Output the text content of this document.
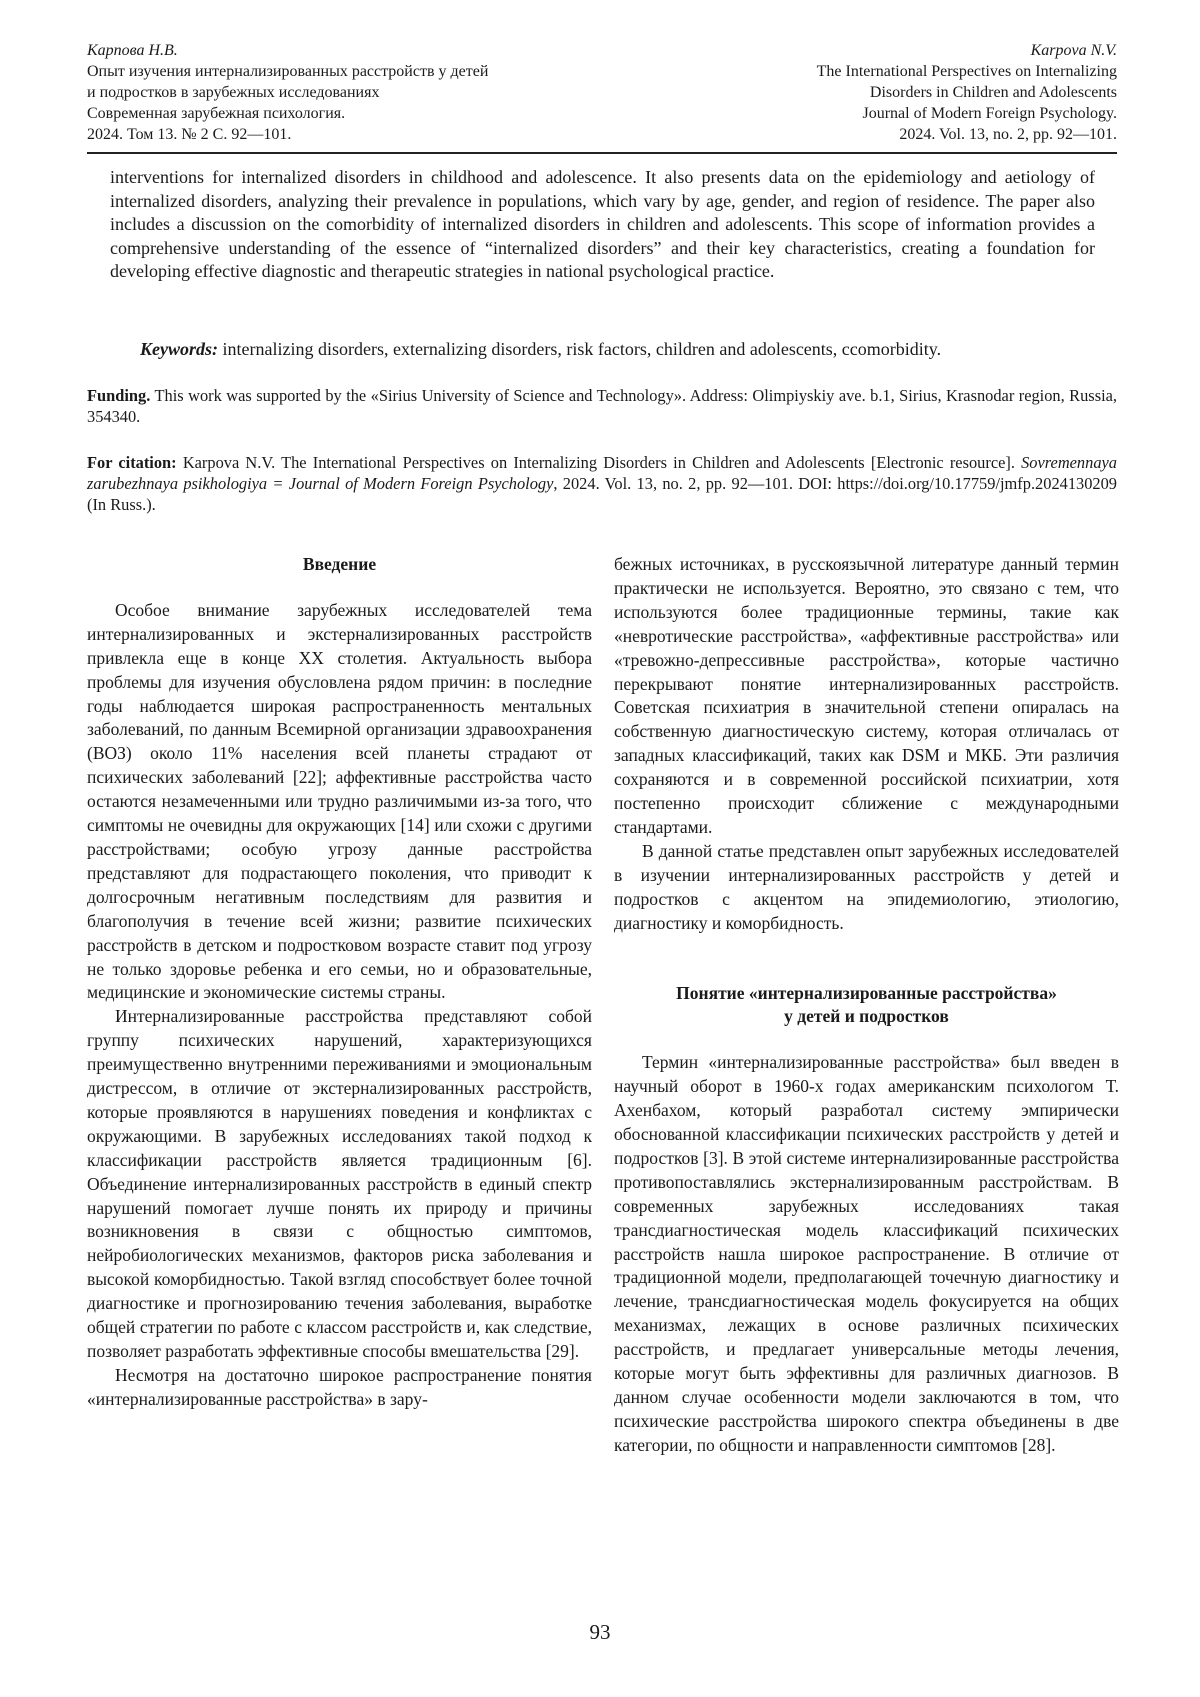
Карпова Н.В.
Опыт изучения интернализированных расстройств у детей
и подростков в зарубежных исследованиях
Современная зарубежная психология.
2024. Том 13. № 2 С. 92—101.
Karpova N.V.
The International Perspectives on Internalizing
Disorders in Children and Adolescents
Journal of Modern Foreign Psychology.
2024. Vol. 13, no. 2, pp. 92—101.
interventions for internalized disorders in childhood and adolescence. It also presents data on the epidemiology and aetiology of internalized disorders, analyzing their prevalence in populations, which vary by age, gender, and region of residence. The paper also includes a discussion on the comorbidity of internalized disorders in children and adolescents. This scope of information provides a comprehensive understanding of the essence of “internalized disorders” and their key characteristics, creating a foundation for developing effective diagnostic and therapeutic strategies in national psychological practice.
Keywords: internalizing disorders, externalizing disorders, risk factors, children and adolescents, ccomorbidity.
Funding. This work was supported by the «Sirius University of Science and Technology». Address: Olimpiyskiy ave. b.1, Sirius, Krasnodar region, Russia, 354340.
For citation: Karpova N.V. The International Perspectives on Internalizing Disorders in Children and Adolescents [Electronic resource]. Sovremennaya zarubezhnaya psikhologiya = Journal of Modern Foreign Psychology, 2024. Vol. 13, no. 2, pp. 92—101. DOI: https://doi.org/10.17759/jmfp.2024130209 (In Russ.).
Введение

Особое внимание зарубежных исследователей тема интернализированных и экстернализированных расстройств привлекла еще в конце XX столетия. Актуальность выбора проблемы для изучения обусловлена рядом причин: в последние годы наблюдается широкая распространенность ментальных заболеваний, по данным Всемирной организации здравоохранения (ВОЗ) около 11% населения всей планеты страдают от психических заболеваний [22]; аффективные расстройства часто остаются незамеченными или трудно различимыми из-за того, что симптомы не очевидны для окружающих [14] или схожи с другими расстройствами; особую угрозу данные расстройства представляют для подрастающего поколения, что приводит к долгосрочным негативным последствиям для развития и благополучия в течение всей жизни; развитие психических расстройств в детском и подростковом возрасте ставит под угрозу не только здоровье ребенка и его семьи, но и образовательные, медицинские и экономические системы страны.

Интернализированные расстройства представляют собой группу психических нарушений, характеризующихся преимущественно внутренними переживаниями и эмоциональным дистрессом, в отличие от экстернализированных расстройств, которые проявляются в нарушениях поведения и конфликтах с окружающими. В зарубежных исследованиях такой подход к классификации расстройств является традиционным [6]. Объединение интернализированных расстройств в единый спектр нарушений помогает лучше понять их природу и причины возникновения в связи с общностью симптомов, нейробиологических механизмов, факторов риска заболевания и высокой коморбидностью. Такой взгляд способствует более точной диагностике и прогнозированию течения заболевания, выработке общей стратегии по работе с классом расстройств и, как следствие, позволяет разработать эффективные способы вмешательства [29].

Несмотря на достаточно широкое распространение понятия «интернализированные расстройства» в зару-

бежных источниках, в русскоязычной литературе данный термин практически не используется. Вероятно, это связано с тем, что используются более традиционные термины, такие как «невротические расстройства», «аффективные расстройства» или «тревожно-депрессивные расстройства», которые частично перекрывают понятие интернализированных расстройств. Советская психиатрия в значительной степени опиралась на собственную диагностическую систему, которая отличалась от западных классификаций, таких как DSM и МКБ. Эти различия сохраняются и в современной российской психиатрии, хотя постепенно происходит сближение с международными стандартами.

В данной статье представлен опыт зарубежных исследователей в изучении интернализированных расстройств у детей и подростков с акцентом на эпидемиологию, этиологию, диагностику и коморбидность.

Понятие «интернализированные расстройства»
у детей и подростков

Термин «интернализированные расстройства» был введен в научный оборот в 1960-х годах американским психологом Т. Ахенбахом, который разработал систему эмпирически обоснованной классификации психических расстройств у детей и подростков [3]. В этой системе интернализированные расстройства противопоставлялись экстернализированным расстройствам. В современных зарубежных исследованиях такая трансдиагностическая модель классификаций психических расстройств нашла широкое распространение. В отличие от традиционной модели, предполагающей точечную диагностику и лечение, трансдиагностическая модель фокусируется на общих механизмах, лежащих в основе различных психических расстройств, и предлагает универсальные методы лечения, которые могут быть эффективны для различных диагнозов. В данном случае особенности модели заключаются в том, что психические расстройства широкого спектра объединены в две категории, по общности и направленности симптомов [28].

93
